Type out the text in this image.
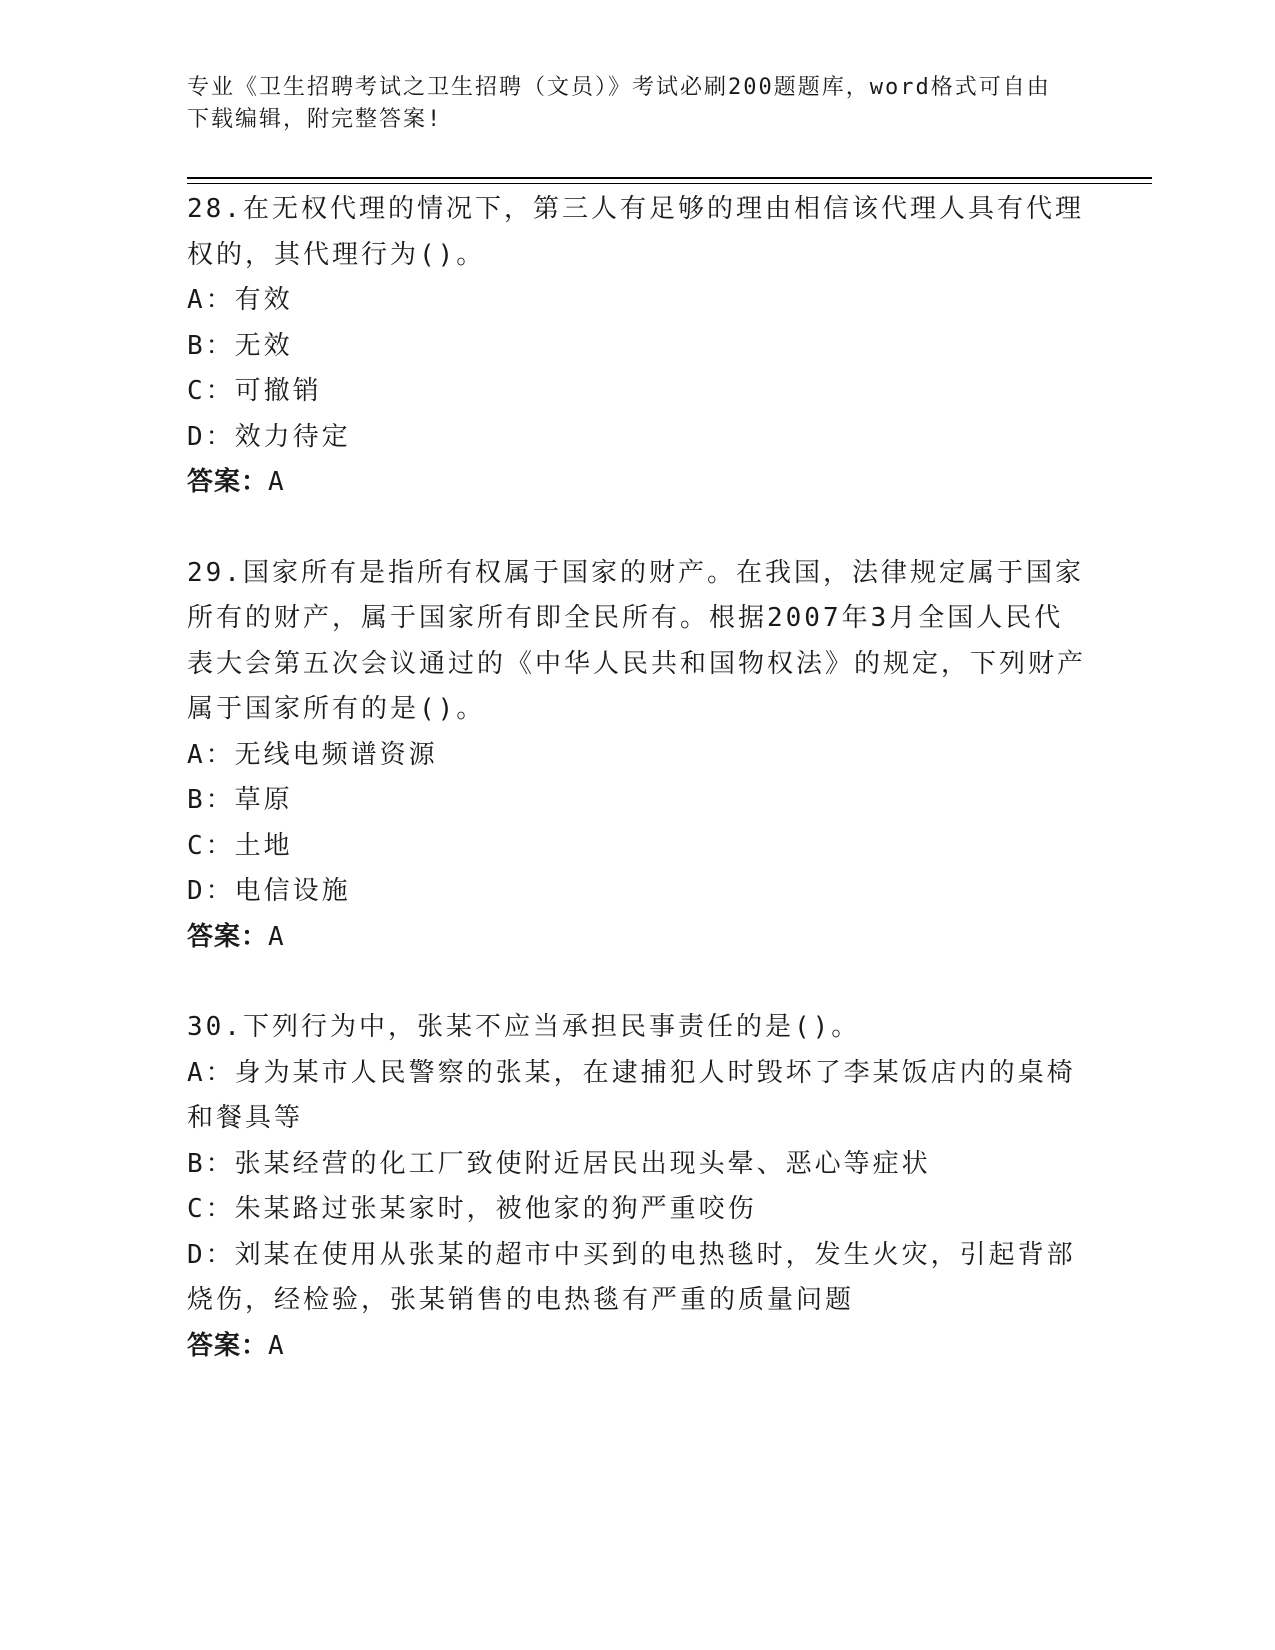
专业《卫生招聘考试之卫生招聘（文员）》考试必刷200题题库，word格式可自由下载编辑，附完整答案!
28.在无权代理的情况下，第三人有足够的理由相信该代理人具有代理权的，其代理行为()。
A：有效
B：无效
C：可撤销
D：效力待定
答案：A
29.国家所有是指所有权属于国家的财产。在我国，法律规定属于国家所有的财产，属于国家所有即全民所有。根据2007年3月全国人民代表大会第五次会议通过的《中华人民共和国物权法》的规定，下列财产属于国家所有的是()。
A：无线电频谱资源
B：草原
C：土地
D：电信设施
答案：A
30.下列行为中，张某不应当承担民事责任的是()。
A：身为某市人民警察的张某，在逮捕犯人时毁坏了李某饭店内的桌椅和餐具等
B：张某经营的化工厂致使附近居民出现头晕、恶心等症状
C：朱某路过张某家时，被他家的狗严重咬伤
D：刘某在使用从张某的超市中买到的电热毯时，发生火灾，引起背部烧伤，经检验，张某销售的电热毯有严重的质量问题
答案：A
